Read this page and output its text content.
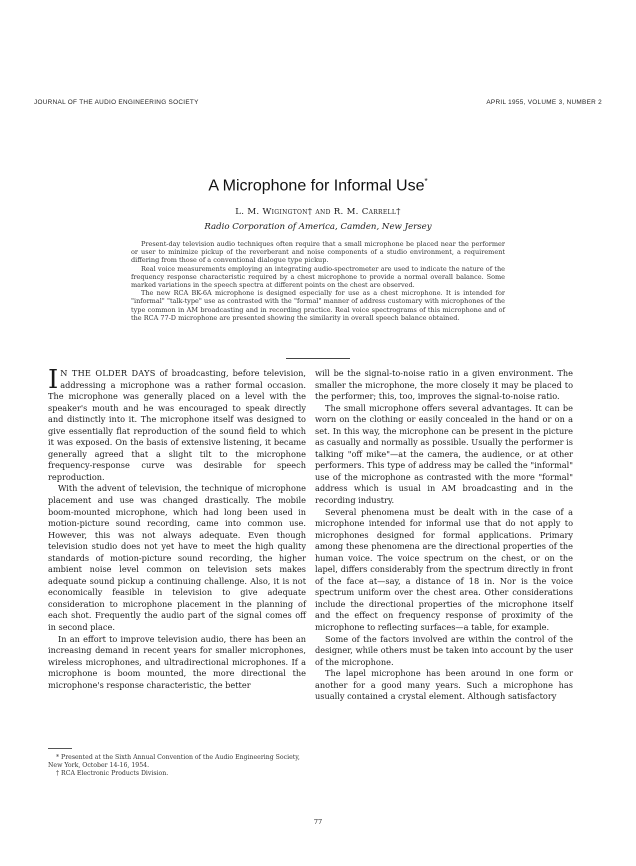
JOURNAL OF THE AUDIO ENGINEERING SOCIETY	APRIL 1955, VOLUME 3, NUMBER 2
A Microphone for Informal Use*
L. M. Wigington† and R. M. Carrell†
Radio Corporation of America, Camden, New Jersey

Present-day television audio techniques often require that a small microphone be placed near the performer or user to minimize pickup of the reverberant and noise components of a studio environment, a requirement differing from those of a conventional dialogue type pickup.

Real voice measurements employing an integrating audio-spectrometer are used to indicate the nature of the frequency response characteristic required by a chest microphone to provide a normal overall balance. Some marked variations in the speech spectra at different points on the chest are observed.

The new RCA BK-6A microphone is designed especially for use as a chest microphone. It is intended for "informal" "talk-type" use as contrasted with the "formal" manner of address customary with microphones of the type common in AM broadcasting and in recording practice. Real voice spectrograms of this microphone and of the RCA 77-D microphone are presented showing the similarity in overall speech balance obtained.

I N THE OLDER DAYS of broadcasting, before television, addressing a microphone was a rather formal occasion. The microphone was generally placed on a level with the speaker's mouth and he was encouraged to speak directly and distinctly into it. The microphone itself was designed to give essentially flat reproduction of the sound field to which it was exposed. On the basis of extensive listening, it became generally agreed that a slight tilt to the microphone frequency-response curve was desirable for speech reproduction.

With the advent of television, the technique of microphone placement and use was changed drastically. The mobile boom-mounted microphone, which had long been used in motion-picture sound recording, came into common use. However, this was not always adequate. Even though television studio does not yet have to meet the high quality standards of motion-picture sound recording, the higher ambient noise level common on television sets makes adequate sound pickup a continuing challenge. Also, it is not economically feasible in television to give adequate consideration to microphone placement in the planning of each shot. Frequently the audio part of the signal comes off in second place.

In an effort to improve television audio, there has been an increasing demand in recent years for smaller microphones, wireless microphones, and ultradirectional microphones. If a microphone is boom mounted, the more directional the microphone's response characteristic, the better

will be the signal-to-noise ratio in a given environment. The smaller the microphone, the more closely it may be placed to the performer; this, too, improves the signal-to-noise ratio.

The small microphone offers several advantages. It can be worn on the clothing or easily concealed in the hand or on a set. In this way, the microphone can be present in the picture as casually and normally as possible. Usually the performer is talking "off mike"—at the camera, the audience, or at other performers. This type of address may be called the "informal" use of the microphone as contrasted with the more "formal" address which is usual in AM broadcasting and in the recording industry.

Several phenomena must be dealt with in the case of a microphone intended for informal use that do not apply to microphones designed for formal applications. Primary among these phenomena are the directional properties of the human voice. The voice spectrum on the chest, or on the lapel, differs considerably from the spectrum directly in front of the face at—say, a distance of 18 in. Nor is the voice spectrum uniform over the chest area. Other considerations include the directional properties of the microphone itself and the effect on frequency response of proximity of the microphone to reflecting surfaces—a table, for example.

Some of the factors involved are within the control of the designer, while others must be taken into account by the user of the microphone.

The lapel microphone has been around in one form or another for a good many years. Such a microphone has usually contained a crystal element. Although satisfactory

* Presented at the Sixth Annual Convention of the Audio Engineering Society, New York, October 14-16, 1954.
† RCA Electronic Products Division.
77
